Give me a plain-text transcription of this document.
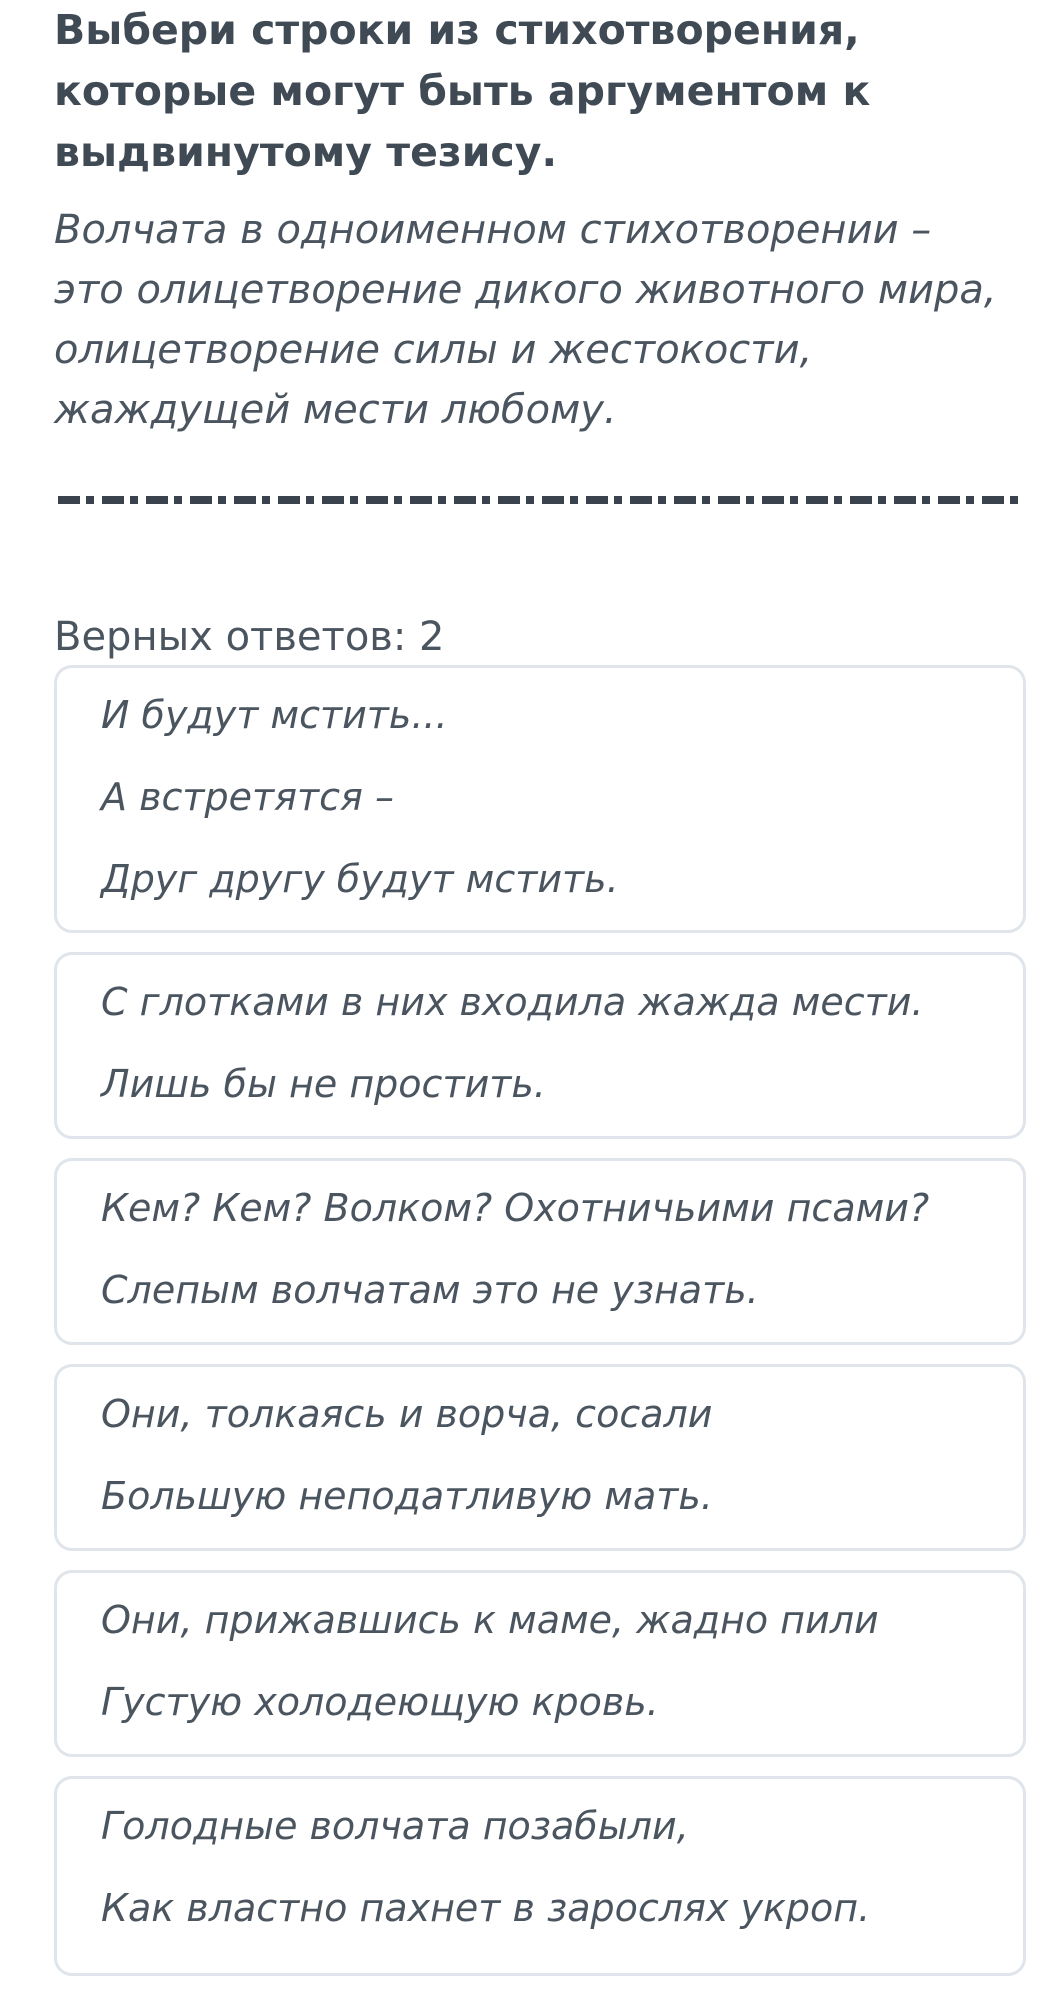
Выбери строки из стихотворения,
которые могут быть аргументом к
выдвинутому тезису.
Волчата в одноименном стихотворении –
это олицетворение дикого животного мира,
олицетворение силы и жестокости,
жаждущей мести любому.
Верных ответов: 2
И будут мстить...
А встретятся –
Друг другу будут мстить.
С глотками в них входила жажда мести.
Лишь бы не простить.
Кем? Кем? Волком? Охотничьими псами?
Слепым волчатам это не узнать.
Они, толкаясь и ворча, сосали
Большую неподатливую мать.
Они, прижавшись к маме, жадно пили
Густую холодеющую кровь.
Голодные волчата позабыли,
Как властно пахнет в зарослях укроп.
